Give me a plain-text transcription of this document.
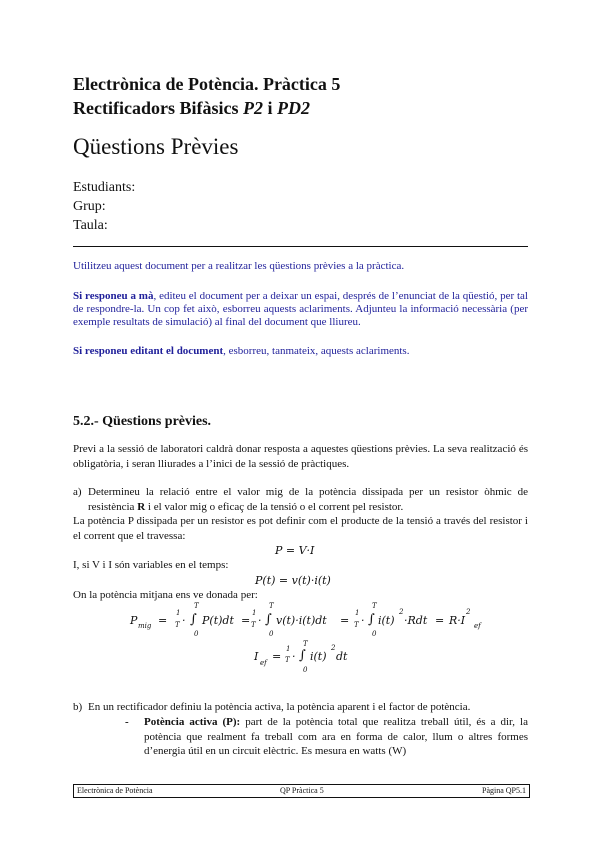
Electrònica de Potència. Pràctica 5
Rectificadors Bifàsics P2 i PD2
Qüestions Prèvies
Estudiants:
Grup:
Taula:
Utilitzeu aquest document per a realitzar les qüestions prèvies a la pràctica.
Si responeu a mà, editeu el document per a deixar un espai, després de l’enunciat de la qüestió, per tal de respondre-la. Un cop fet això, esborreu aquests aclariments. Adjunteu la informació necessària (per exemple resultats de simulació) al final del document que lliureu.
Si responeu editant el document, esborreu, tanmateix, aquests aclariments.
5.2.- Qüestions prèvies.
Previ a la sessió de laboratori caldrà donar resposta a aquestes qüestions prèvies. La seva realització és obligatòria, i seran lliurades a l’inici de la sessió de pràctiques.
a) Determineu la relació entre el valor mig de la potència dissipada per un resistor òhmic de resistència R i el valor mig o eficaç de la tensió o el corrent pel resistor.
La potència P dissipada per un resistor es pot definir com el producte de la tensió a través del resistor i el corrent que el travessa:
P = V·I
I, si V i I són variables en el temps:
P(t) = v(t)·i(t)
On la potència mitjana ens ve donada per:
P mig =
1
T ·
T
∫
0
P(t)dt =
1
T ·
T
∫
0
v(t)·i(t)dt =
1
T ·
T
∫
0
i(t)
2
·Rdt = R·I ef
2
I ef =
1
T ·
T
∫
0
i(t)
2
dt
b) En un rectificador definiu la potència activa, la potència aparent i el factor de potència.
- Potència activa (P): part de la potència total que realitza treball útil, és a dir, la potència que realment fa treball com ara en forma de calor, llum o altres formes d’energia útil en un circuit elèctric. Es mesura en watts (W)
Electrònica de Potència	QP Pràctica 5	Pàgina QP5.1
